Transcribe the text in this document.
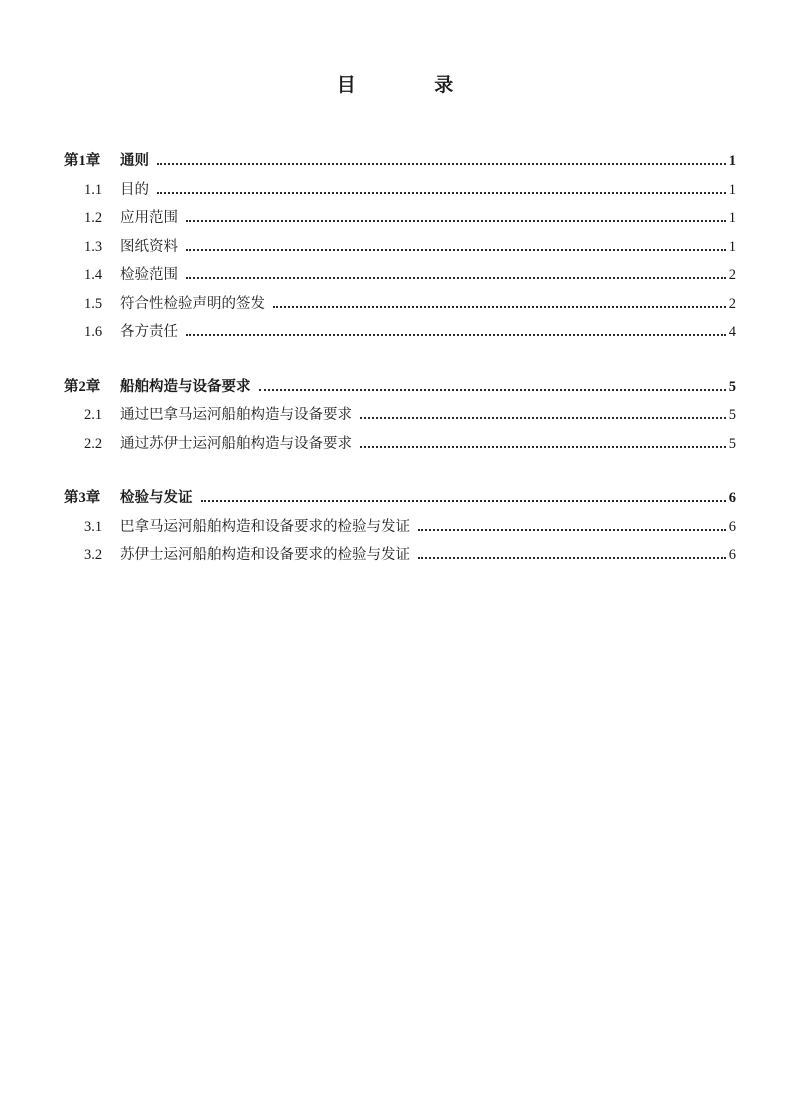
目 录
第1章	通则	1
1.1	目的	1
1.2	应用范围	1
1.3	图纸资料	1
1.4	检验范围	2
1.5	符合性检验声明的签发	2
1.6	各方责任	4
第2章	船舶构造与设备要求	5
2.1	通过巴拿马运河船舶构造与设备要求	5
2.2	通过苏伊士运河船舶构造与设备要求	5
第3章	检验与发证	6
3.1	巴拿马运河船舶构造和设备要求的检验与发证	6
3.2	苏伊士运河船舶构造和设备要求的检验与发证	6
